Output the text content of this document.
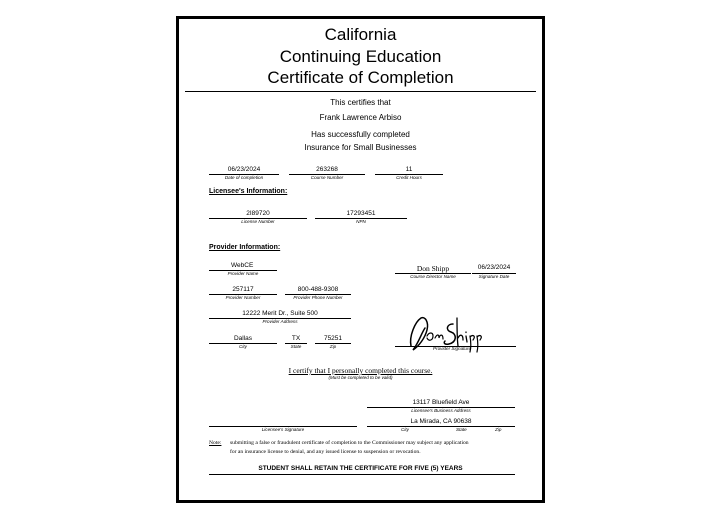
California
Continuing Education
Certificate of Completion
This certifies that
Frank Lawrence Arbiso
Has successfully completed
Insurance for Small Businesses
06/23/2024
Date of completion
263268
Course Number
11
Credit Hours
Licensee's Information:
2I89720
License Number
17293451
NPN
Provider Information:
WebCE
Provider Name
Don Shipp
Course Director Name
06/23/2024
Signature Date
257117
Provider Number
800-488-9308
Provider Phone Number
12222 Merit Dr., Suite 500
Provider Address
Dallas
City
TX
State
75251
Zip	Provider Signature
I certify that I personally completed this course.
(Must be completed to be valid)
13117 Bluefield Ave
Licensee's Business Address
Licensee's Signature
La Mirada, CA 90638
City	State	Zip
Note: submitting a false or fraudulent certificate of completion to the Commissioner may subject any application
for an insurance license to denial, and any issued license to suspension or revocation.
STUDENT SHALL RETAIN THE CERTIFICATE FOR FIVE (5) YEARS
